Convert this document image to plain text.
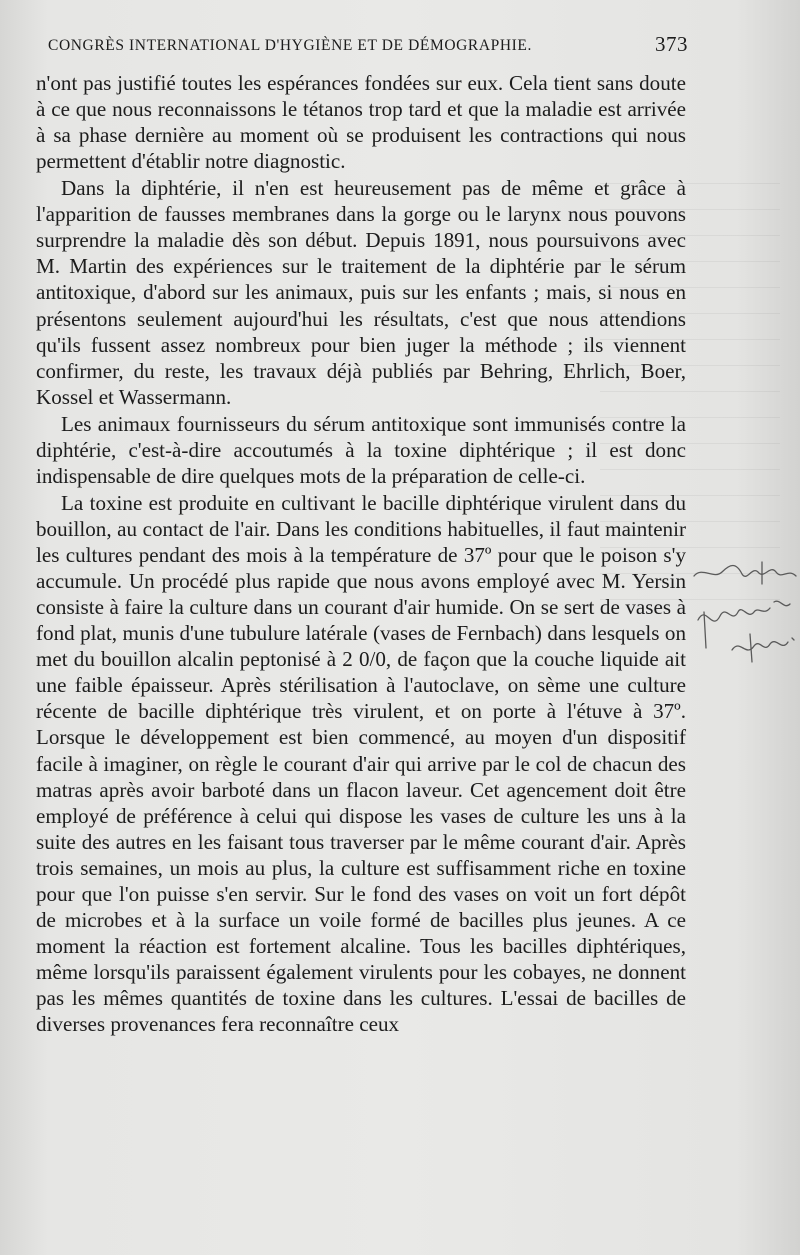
CONGRÈS INTERNATIONAL D'HYGIÈNE ET DE DÉMOGRAPHIE.	373

n'ont pas justifié toutes les espérances fondées sur eux. Cela tient sans doute à ce que nous reconnaissons le tétanos trop tard et que la maladie est arrivée à sa phase dernière au moment où se produisent les contractions qui nous permettent d'établir notre diagnostic.

Dans la diphtérie, il n'en est heureusement pas de même et grâce à l'apparition de fausses membranes dans la gorge ou le larynx nous pouvons surprendre la maladie dès son début. Depuis 1891, nous poursuivons avec M. Martin des expériences sur le traitement de la diphtérie par le sérum antitoxique, d'abord sur les animaux, puis sur les enfants ; mais, si nous en présentons seulement aujourd'hui les résultats, c'est que nous attendions qu'ils fussent assez nombreux pour bien juger la méthode ; ils viennent confirmer, du reste, les travaux déjà publiés par Behring, Ehrlich, Boer, Kossel et Wassermann.

Les animaux fournisseurs du sérum antitoxique sont immunisés contre la diphtérie, c'est-à-dire accoutumés à la toxine diphtérique ; il est donc indispensable de dire quelques mots de la préparation de celle-ci.

La toxine est produite en cultivant le bacille diphtérique virulent dans du bouillon, au contact de l'air. Dans les conditions habituelles, il faut maintenir les cultures pendant des mois à la température de 37º pour que le poison s'y accumule. Un procédé plus rapide que nous avons employé avec M. Yersin consiste à faire la culture dans un courant d'air humide. On se sert de vases à fond plat, munis d'une tubulure latérale (vases de Fernbach) dans lesquels on met du bouillon alcalin peptonisé à 2 0/0, de façon que la couche liquide ait une faible épaisseur. Après stérilisation à l'autoclave, on sème une culture récente de bacille diphtérique très virulent, et on porte à l'étuve à 37º. Lorsque le développement est bien commencé, au moyen d'un dispositif facile à imaginer, on règle le courant d'air qui arrive par le col de chacun des matras après avoir barboté dans un flacon laveur. Cet agencement doit être employé de préférence à celui qui dispose les vases de culture les uns à la suite des autres en les faisant tous traverser par le même courant d'air. Après trois semaines, un mois au plus, la culture est suffisamment riche en toxine pour que l'on puisse s'en servir. Sur le fond des vases on voit un fort dépôt de microbes et à la surface un voile formé de bacilles plus jeunes. A ce moment la réaction est fortement alcaline. Tous les bacilles diphtériques, même lorsqu'ils paraissent également virulents pour les cobayes, ne donnent pas les mêmes quantités de toxine dans les cultures. L'essai de bacilles de diverses provenances fera reconnaître ceux
